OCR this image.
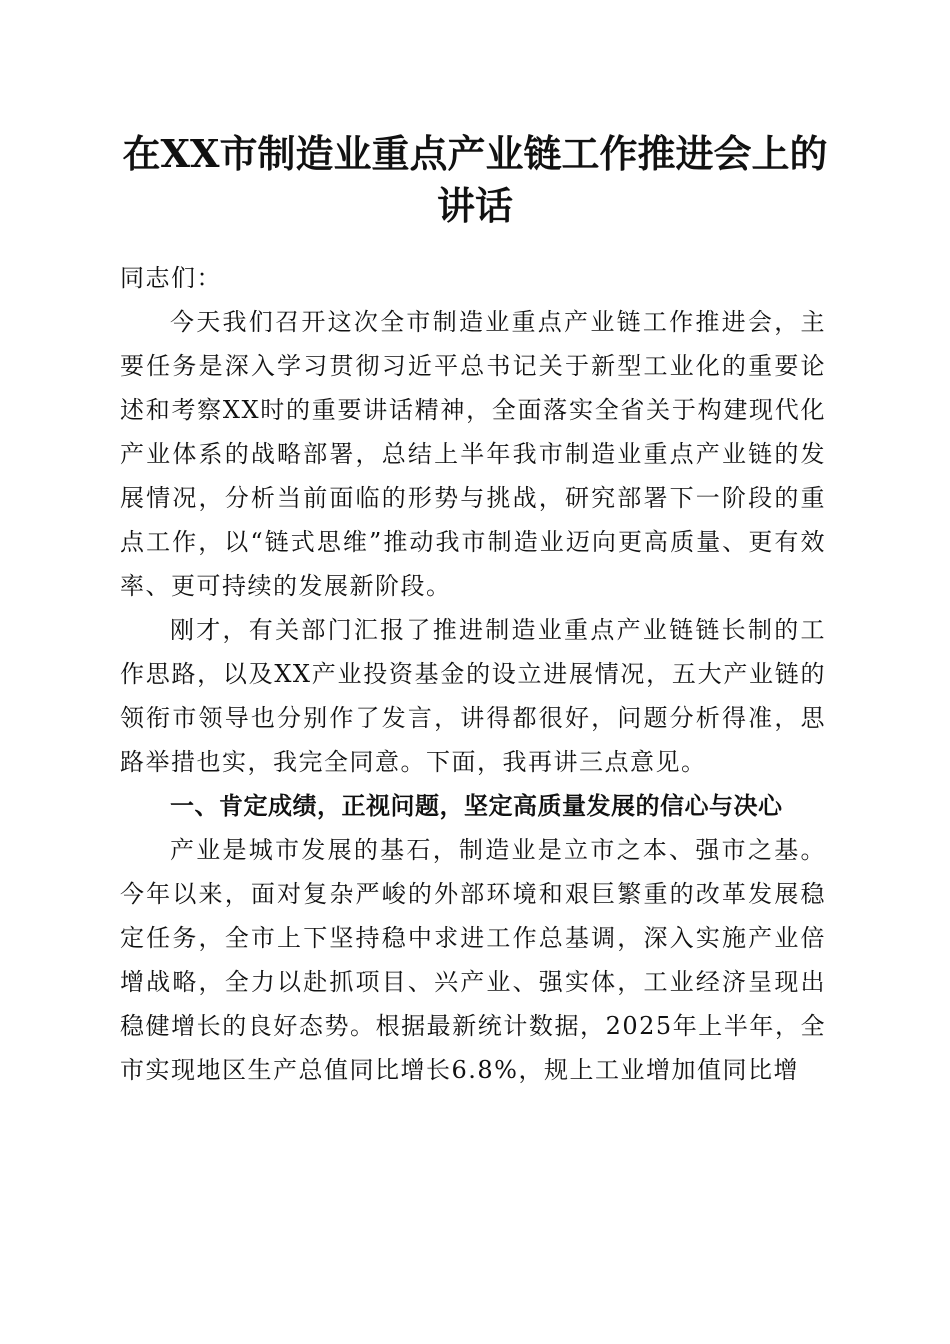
在XX市制造业重点产业链工作推进会上的讲话

同志们：

今天我们召开这次全市制造业重点产业链工作推进会，主要任务是深入学习贯彻习近平总书记关于新型工业化的重要论述和考察XX时的重要讲话精神，全面落实全省关于构建现代化产业体系的战略部署，总结上半年我市制造业重点产业链的发展情况，分析当前面临的形势与挑战，研究部署下一阶段的重点工作，以“链式思维”推动我市制造业迈向更高质量、更有效率、更可持续的发展新阶段。

刚才，有关部门汇报了推进制造业重点产业链链长制的工作思路，以及XX产业投资基金的设立进展情况，五大产业链的领衔市领导也分别作了发言，讲得都很好，问题分析得准，思路举措也实，我完全同意。下面，我再讲三点意见。

一、肯定成绩，正视问题，坚定高质量发展的信心与决心

产业是城市发展的基石，制造业是立市之本、强市之基。今年以来，面对复杂严峻的外部环境和艰巨繁重的改革发展稳定任务，全市上下坚持稳中求进工作总基调，深入实施产业倍增战略，全力以赴抓项目、兴产业、强实体，工业经济呈现出稳健增长的良好态势。根据最新统计数据，2025年上半年，全市实现地区生产总值同比增长6.8%，规上工业增加值同比增
